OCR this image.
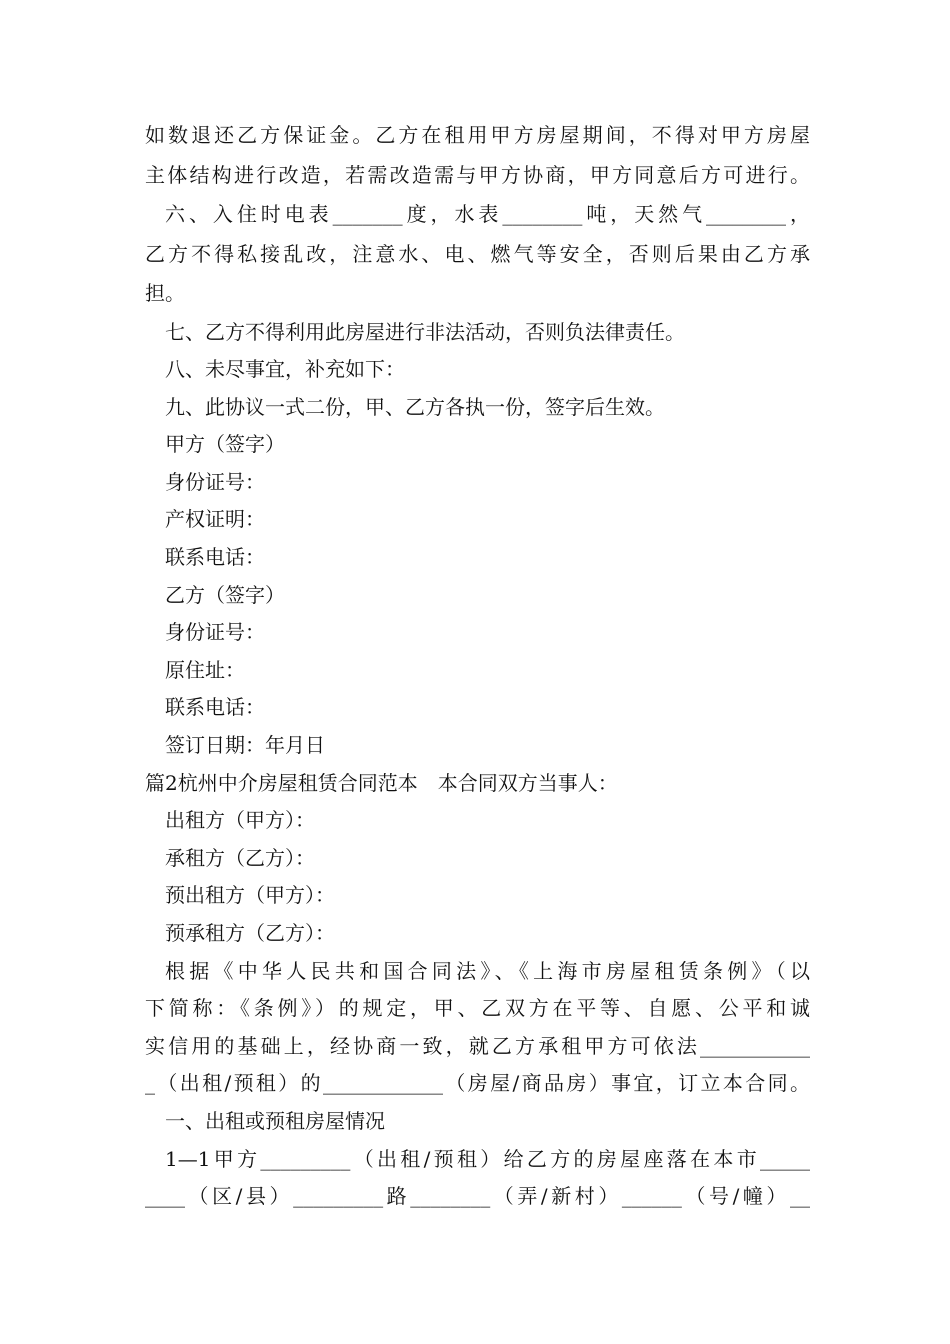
如数退还乙方保证金。乙方在租用甲方房屋期间，不得对甲方房屋
主体结构进行改造，若需改造需与甲方协商，甲方同意后方可进行。
六、入住时电表_______度，水表________吨，天然气________，
乙方不得私接乱改，注意水、电、燃气等安全，否则后果由乙方承
担。
七、乙方不得利用此房屋进行非法活动，否则负法律责任。
八、未尽事宜，补充如下：
九、此协议一式二份，甲、乙方各执一份，签字后生效。
甲方（签字）
身份证号：
产权证明：
联系电话：
乙方（签字）
身份证号：
原住址：
联系电话：
签订日期：年月日
篇2杭州中介房屋租赁合同范本　本合同双方当事人：
出租方（甲方）：
承租方（乙方）：
预出租方（甲方）：
预承租方（乙方）：
根据《中华人民共和国合同法》、《上海市房屋租赁条例》（以
下简称：《条例》）的规定，甲、乙双方在平等、自愿、公平和诚
实信用的基础上，经协商一致，就乙方承租甲方可依法___________
_（出租/预租）的____________（房屋/商品房）事宜，订立本合同。
一、出租或预租房屋情况
1—1甲方_________（出租/预租）给乙方的房屋座落在本市_____
____（区/县）_________路________（弄/新村）______（号/幢）__
